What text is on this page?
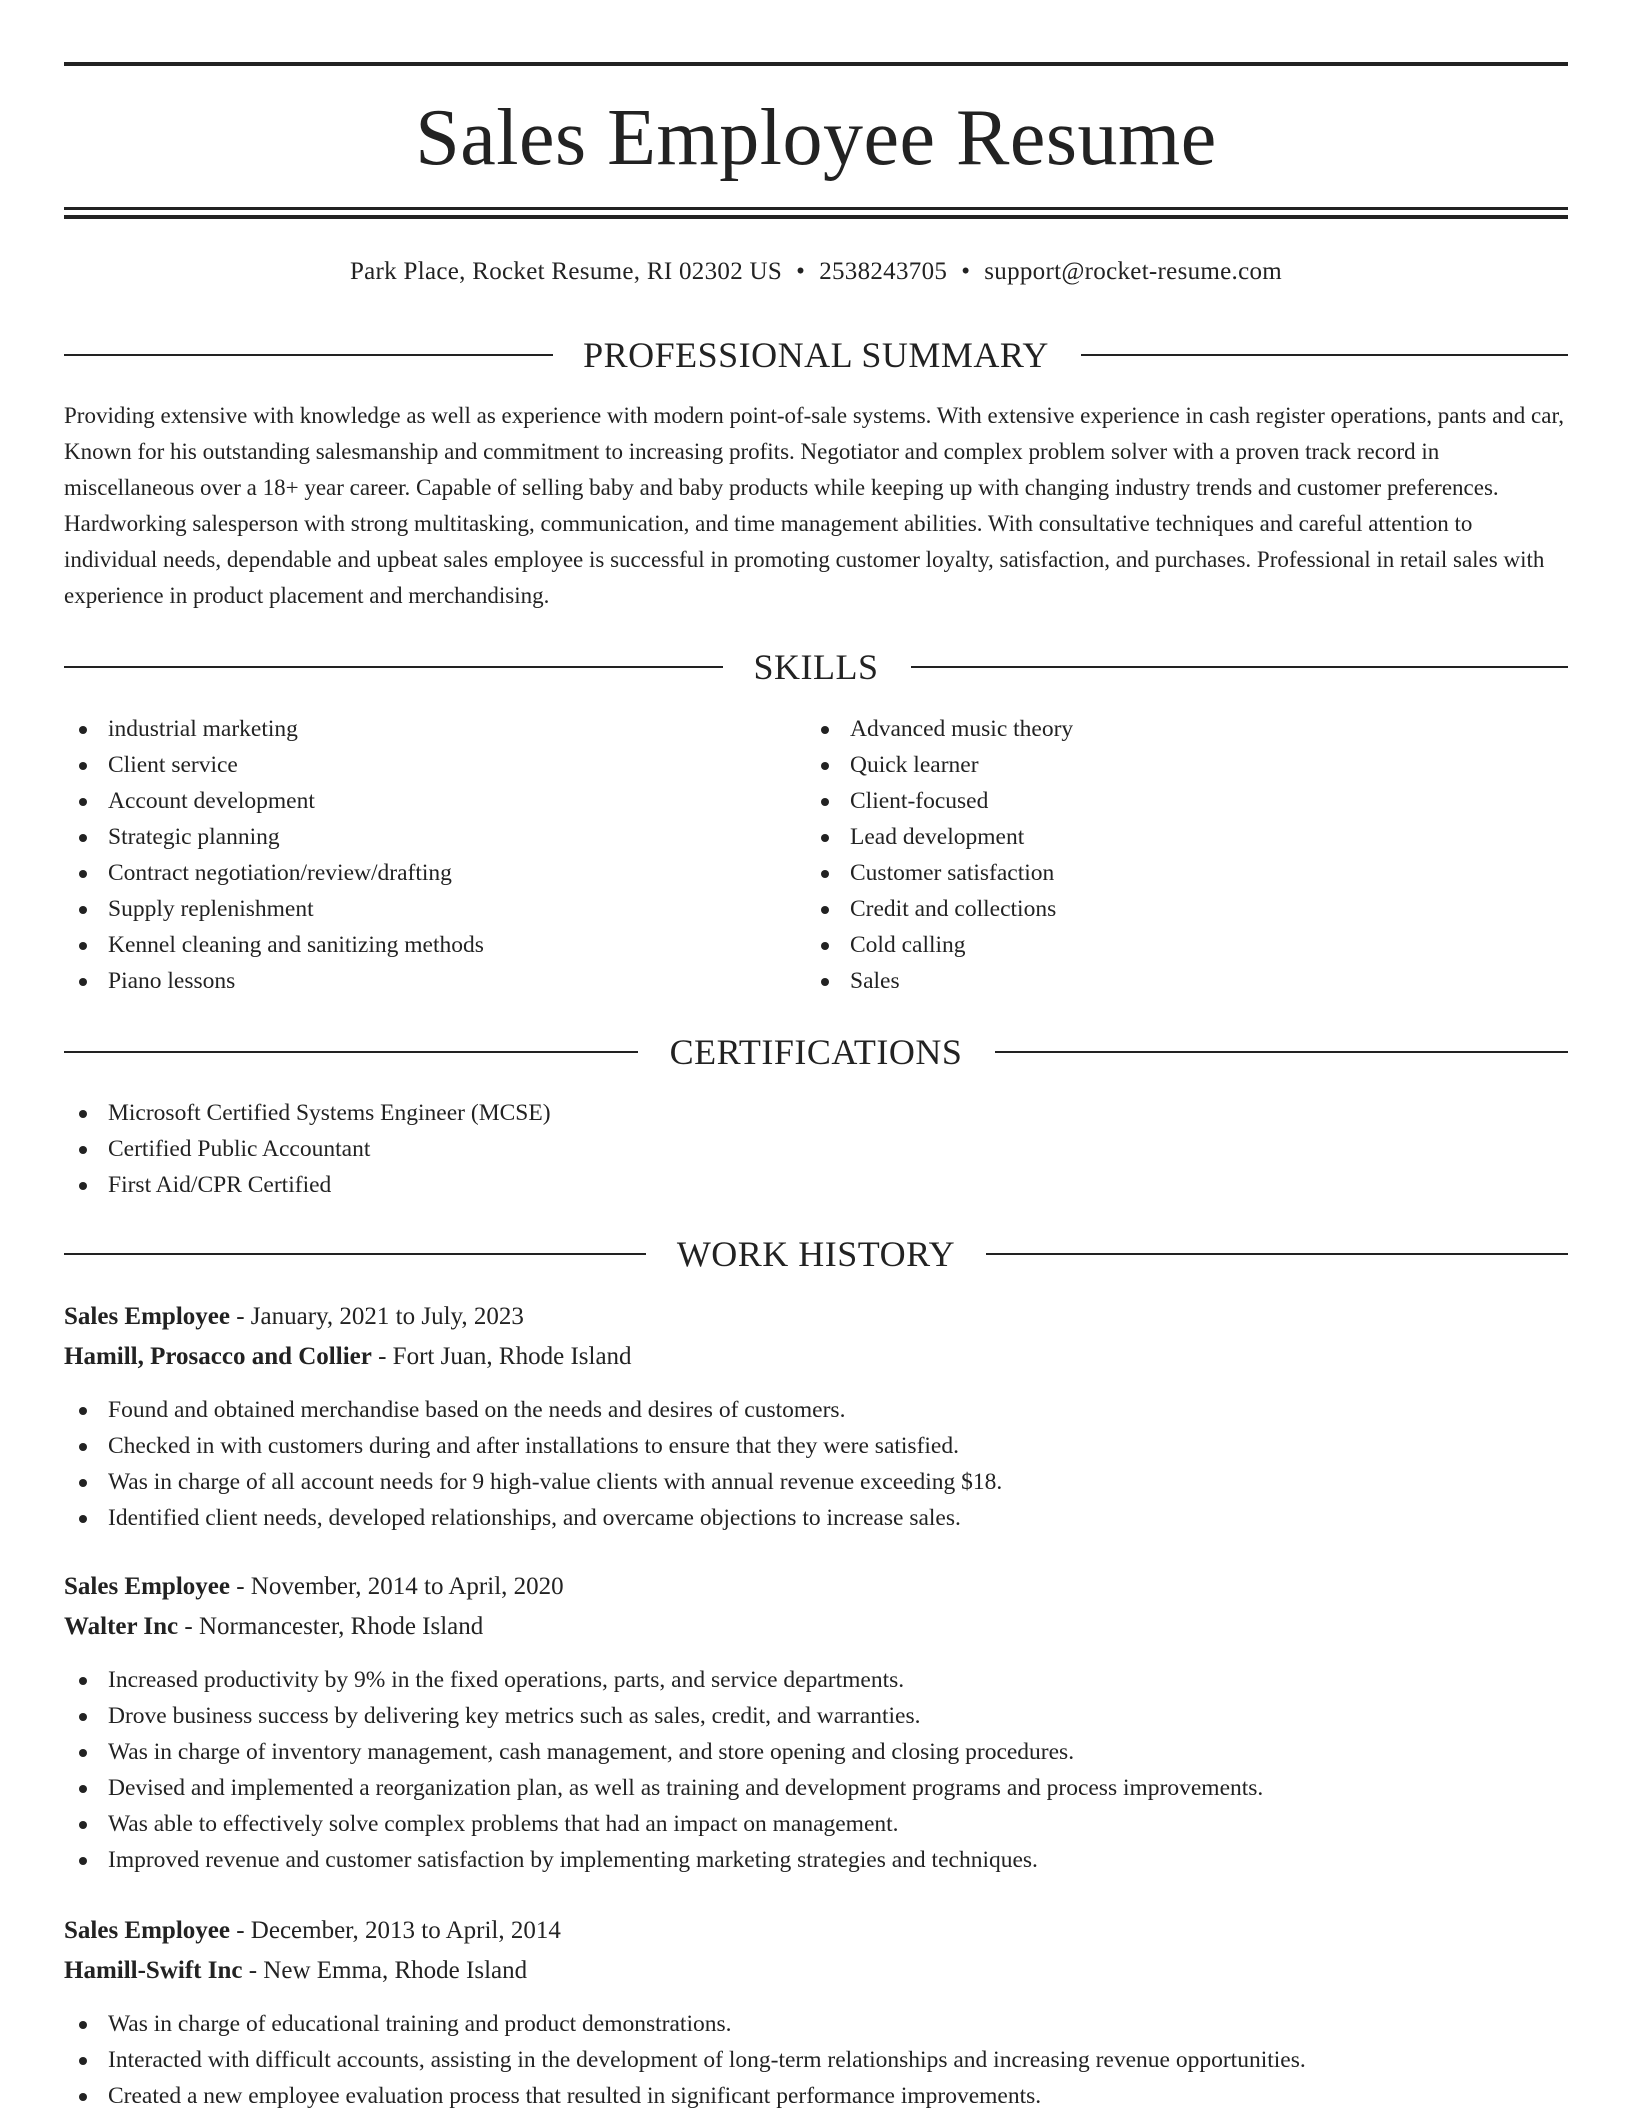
Sales Employee Resume
Park Place, Rocket Resume, RI 02302 US • 2538243705 • support@rocket-resume.com
PROFESSIONAL SUMMARY

Providing extensive with knowledge as well as experience with modern point-of-sale systems. With extensive experience in cash register operations, pants and car, Known for his outstanding salesmanship and commitment to increasing profits. Negotiator and complex problem solver with a proven track record in miscellaneous over a 18+ year career. Capable of selling baby and baby products while keeping up with changing industry trends and customer preferences. Hardworking salesperson with strong multitasking, communication, and time management abilities. With consultative techniques and careful attention to individual needs, dependable and upbeat sales employee is successful in promoting customer loyalty, satisfaction, and purchases. Professional in retail sales with experience in product placement and merchandising.

SKILLS
industrial marketing
Client service
Account development
Strategic planning
Contract negotiation/review/drafting
Supply replenishment
Kennel cleaning and sanitizing methods
Piano lessons
Advanced music theory
Quick learner
Client-focused
Lead development
Customer satisfaction
Credit and collections
Cold calling
Sales
CERTIFICATIONS
Microsoft Certified Systems Engineer (MCSE)
Certified Public Accountant
First Aid/CPR Certified
WORK HISTORY
Sales Employee - January, 2021 to July, 2023
Hamill, Prosacco and Collier - Fort Juan, Rhode Island
Found and obtained merchandise based on the needs and desires of customers.
Checked in with customers during and after installations to ensure that they were satisfied.
Was in charge of all account needs for 9 high-value clients with annual revenue exceeding $18.
Identified client needs, developed relationships, and overcame objections to increase sales.
Sales Employee - November, 2014 to April, 2020
Walter Inc - Normancester, Rhode Island
Increased productivity by 9% in the fixed operations, parts, and service departments.
Drove business success by delivering key metrics such as sales, credit, and warranties.
Was in charge of inventory management, cash management, and store opening and closing procedures.
Devised and implemented a reorganization plan, as well as training and development programs and process improvements.
Was able to effectively solve complex problems that had an impact on management.
Improved revenue and customer satisfaction by implementing marketing strategies and techniques.
Sales Employee - December, 2013 to April, 2014
Hamill-Swift Inc - New Emma, Rhode Island
Was in charge of educational training and product demonstrations.
Interacted with difficult accounts, assisting in the development of long-term relationships and increasing revenue opportunities.
Created a new employee evaluation process that resulted in significant performance improvements.
